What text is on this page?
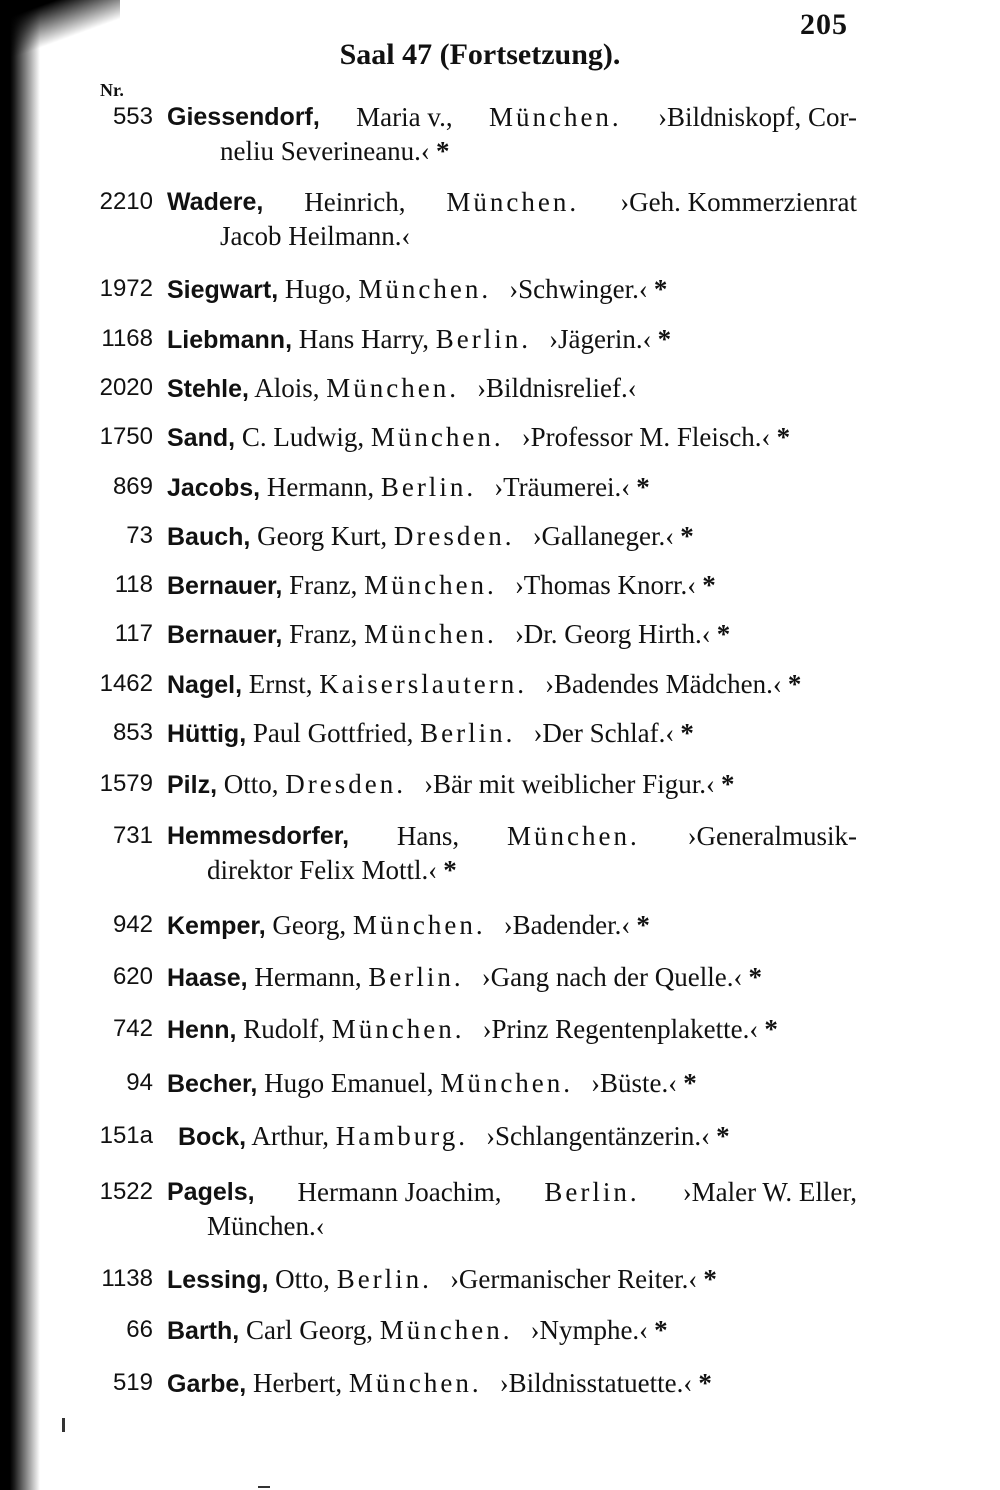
205
Saal 47 (Fortsetzung).
Nr.
553 Giessendorf, Maria v., München. ›Bildniskopf, Cor-
neliu Severineanu.‹ *
2210 Wadere, Heinrich, München. ›Geh. Kommerzienrat
Jacob Heilmann.‹
1972 Siegwart, Hugo, München. ›Schwinger.‹ *
1168 Liebmann, Hans Harry, Berlin. ›Jägerin.‹ *
2020 Stehle, Alois, München. ›Bildnisrelief.‹
1750 Sand, C. Ludwig, München. ›Professor M. Fleisch.‹ *
869 Jacobs, Hermann, Berlin. ›Träumerei.‹ *
73 Bauch, Georg Kurt, Dresden. ›Gallaneger.‹ *
118 Bernauer, Franz, München. ›Thomas Knorr.‹ *
117 Bernauer, Franz, München. ›Dr. Georg Hirth.‹ *
1462 Nagel, Ernst, Kaiserslautern. ›Badendes Mädchen.‹ *
853 Hüttig, Paul Gottfried, Berlin. ›Der Schlaf.‹ *
1579 Pilz, Otto, Dresden. ›Bär mit weiblicher Figur.‹ *
731 Hemmesdorfer, Hans, München. ›Generalmusik-
direktor Felix Mottl.‹ *
942 Kemper, Georg, München. ›Badender.‹ *
620 Haase, Hermann, Berlin. ›Gang nach der Quelle.‹ *
742 Henn, Rudolf, München. ›Prinz Regentenplakette.‹ *
94 Becher, Hugo Emanuel, München. ›Büste.‹ *
151a Bock, Arthur, Hamburg. ›Schlangentänzerin.‹ *
1522 Pagels, Hermann Joachim, Berlin. ›Maler W. Eller,
München.‹
1138 Lessing, Otto, Berlin. ›Germanischer Reiter.‹ *
66 Barth, Carl Georg, München. ›Nymphe.‹ *
519 Garbe, Herbert, München. ›Bildnisstatuette.‹ *
